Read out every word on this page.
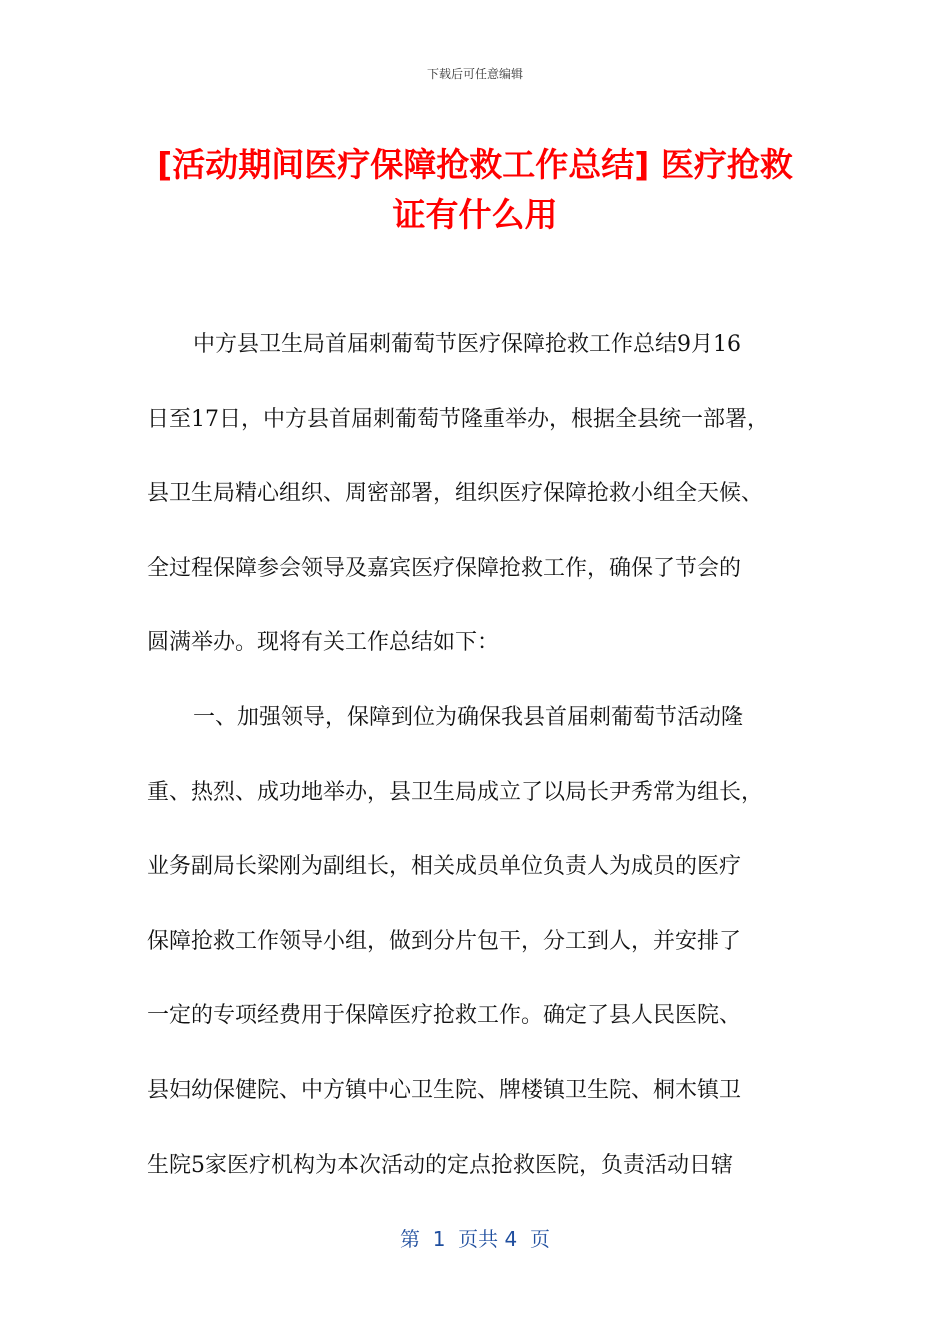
下载后可任意编辑
[活动期间医疗保障抢救工作总结] 医疗抢救
证有什么用
中方县卫生局首届刺葡萄节医疗保障抢救工作总结9月16
日至17日，中方县首届刺葡萄节隆重举办，根据全县统一部署，
县卫生局精心组织、周密部署，组织医疗保障抢救小组全天候、
全过程保障参会领导及嘉宾医疗保障抢救工作，确保了节会的
圆满举办。现将有关工作总结如下：
一、加强领导，保障到位为确保我县首届刺葡萄节活动隆
重、热烈、成功地举办，县卫生局成立了以局长尹秀常为组长，
业务副局长梁刚为副组长，相关成员单位负责人为成员的医疗
保障抢救工作领导小组，做到分片包干，分工到人，并安排了
一定的专项经费用于保障医疗抢救工作。确定了县人民医院、
县妇幼保健院、中方镇中心卫生院、牌楼镇卫生院、桐木镇卫
生院5家医疗机构为本次活动的定点抢救医院，负责活动日辖
第  1  页共 4  页
